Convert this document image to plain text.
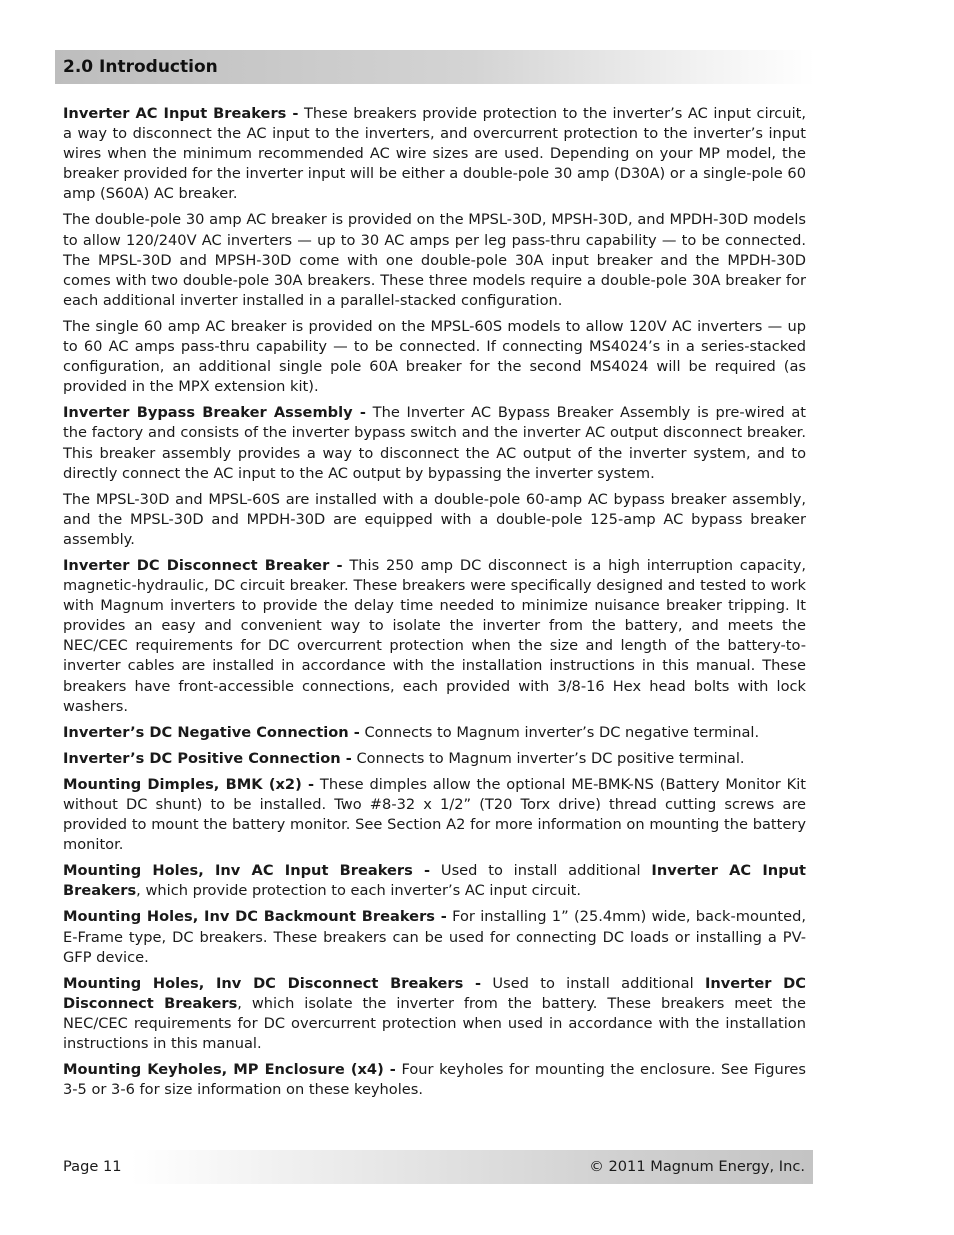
2.0 Introduction

Inverter AC Input Breakers - These breakers provide protection to the inverter’s AC input circuit, a way to disconnect the AC input to the inverters, and overcurrent protection to the inverter’s input wires when the minimum recommended AC wire sizes are used. Depending on your MP model, the breaker provided for the inverter input will be either a double-pole 30 amp (D30A) or a single-pole 60 amp (S60A) AC breaker.

The double-pole 30 amp AC breaker is provided on the MPSL-30D, MPSH-30D, and MPDH-30D models to allow 120/240V AC inverters — up to 30 AC amps per leg pass-thru capability — to be connected. The MPSL-30D and MPSH-30D come with one double-pole 30A input breaker and the MPDH-30D comes with two double-pole 30A breakers. These three models require a double-pole 30A breaker for each additional inverter installed in a parallel-stacked configuration.

The single 60 amp AC breaker is provided on the MPSL-60S models to allow 120V AC inverters — up to 60 AC amps pass-thru capability — to be connected. If connecting MS4024’s in a series-stacked configuration, an additional single pole 60A breaker for the second MS4024 will be required (as provided in the MPX extension kit).

Inverter Bypass Breaker Assembly - The Inverter AC Bypass Breaker Assembly is pre-wired at the factory and consists of the inverter bypass switch and the inverter AC output disconnect breaker. This breaker assembly provides a way to disconnect the AC output of the inverter system, and to directly connect the AC input to the AC output by bypassing the inverter system.

The MPSL-30D and MPSL-60S are installed with a double-pole 60-amp AC bypass breaker assembly, and the MPSL-30D and MPDH-30D are equipped with a double-pole 125-amp AC bypass breaker assembly.

Inverter DC Disconnect Breaker - This 250 amp DC disconnect is a high interruption capacity, magnetic-hydraulic, DC circuit breaker. These breakers were specifically designed and tested to work with Magnum inverters to provide the delay time needed to minimize nuisance breaker tripping. It provides an easy and convenient way to isolate the inverter from the battery, and meets the NEC/CEC requirements for DC overcurrent protection when the size and length of the battery-to-inverter cables are installed in accordance with the installation instructions in this manual. These breakers have front-accessible connections, each provided with 3/8-16 Hex head bolts with lock washers.

Inverter’s DC Negative Connection - Connects to Magnum inverter’s DC negative terminal.

Inverter’s DC Positive Connection - Connects to Magnum inverter’s DC positive terminal.

Mounting Dimples, BMK (x2) - These dimples allow the optional ME-BMK-NS (Battery Monitor Kit without DC shunt) to be installed. Two #8-32 x 1/2” (T20 Torx drive) thread cutting screws are provided to mount the battery monitor. See Section A2 for more information on mounting the battery monitor.

Mounting Holes, Inv AC Input Breakers - Used to install additional Inverter AC Input Breakers, which provide protection to each inverter’s AC input circuit.

Mounting Holes, Inv DC Backmount Breakers - For installing 1” (25.4mm) wide, back-mounted, E-Frame type, DC breakers. These breakers can be used for connecting DC loads or installing a PV-GFP device.

Mounting Holes, Inv DC Disconnect Breakers - Used to install additional Inverter DC Disconnect Breakers, which isolate the inverter from the battery. These breakers meet the NEC/CEC requirements for DC overcurrent protection when used in accordance with the installation instructions in this manual.

Mounting Keyholes, MP Enclosure (x4) - Four keyholes for mounting the enclosure. See Figures 3-5 or 3-6 for size information on these keyholes.

Page 11	© 2011 Magnum Energy, Inc.
